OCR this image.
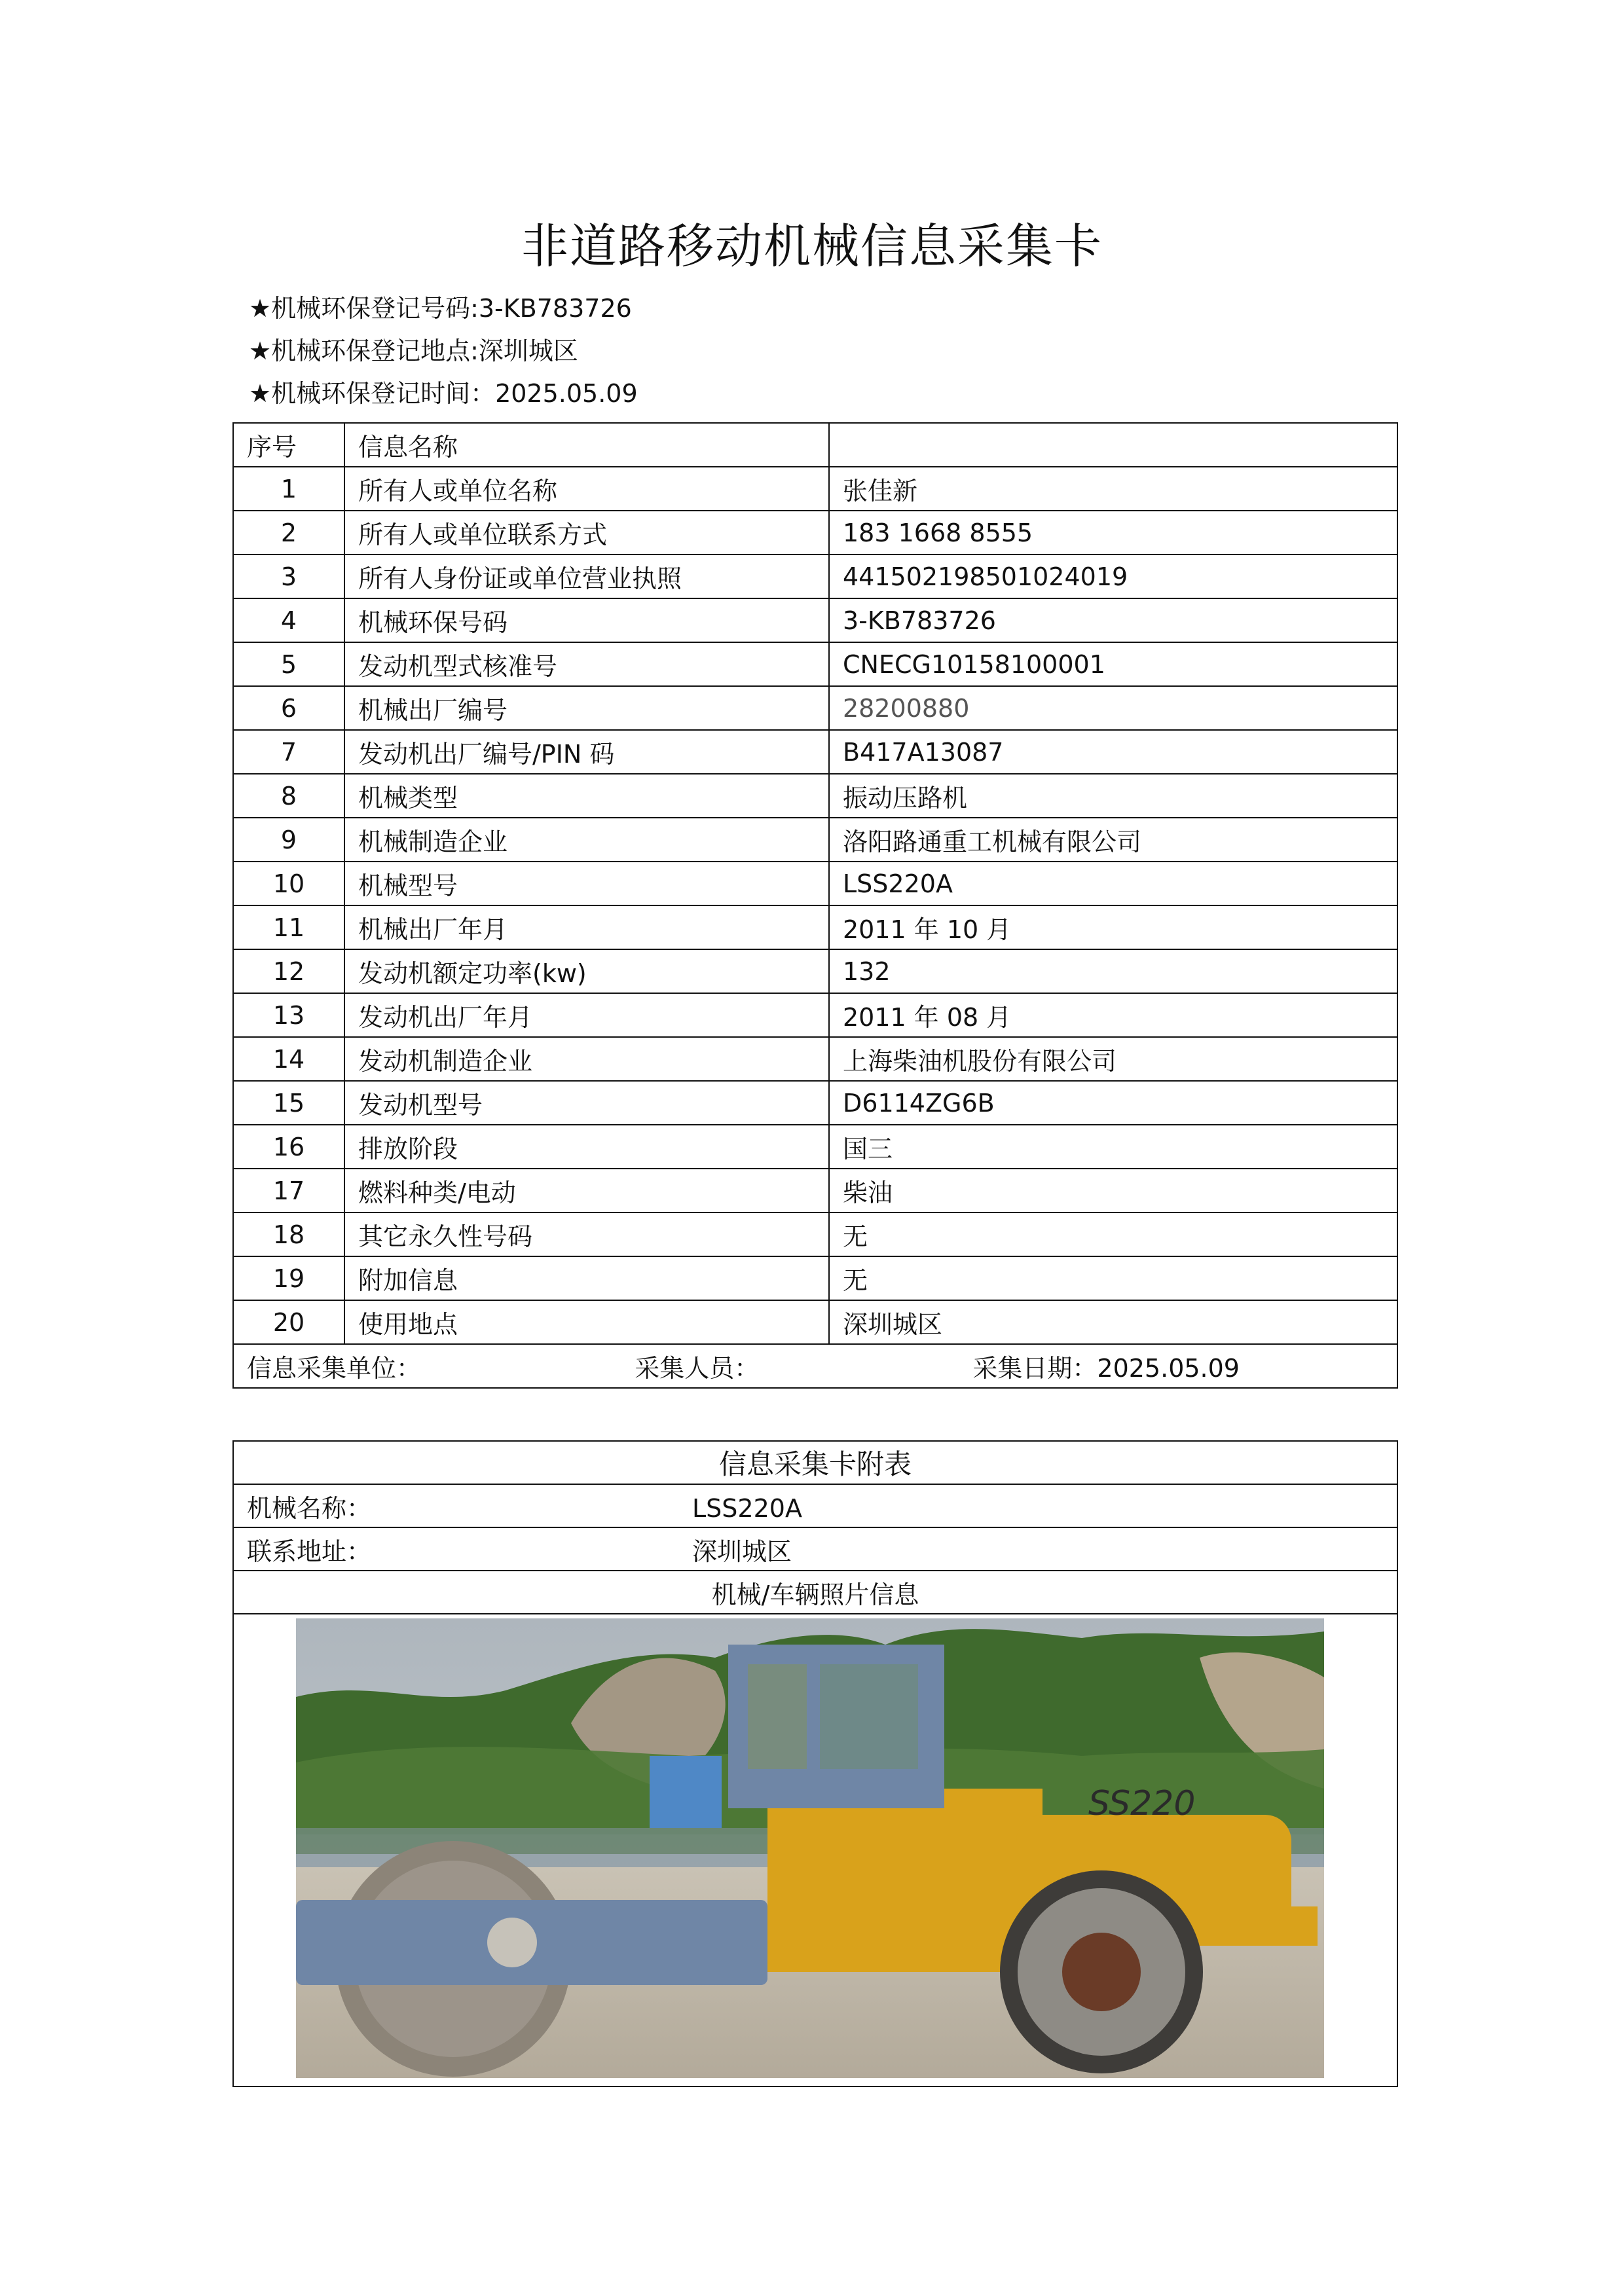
非道路移动机械信息采集卡
★机械环保登记号码:3-KB783726
★机械环保登记地点:深圳城区
★机械环保登记时间：2025.05.09
序号	信息名称	
1	所有人或单位名称	张佳新
2	所有人或单位联系方式	183 1668 8555
3	所有人身份证或单位营业执照	441502198501024019
4	机械环保号码	3-KB783726
5	发动机型式核准号	CNECG10158100001
6	机械出厂编号	28200880
7	发动机出厂编号/PIN 码	B417A13087
8	机械类型	振动压路机
9	机械制造企业	洛阳路通重工机械有限公司
10	机械型号	LSS220A
11	机械出厂年月	2011 年 10 月
12	发动机额定功率(kw)	132
13	发动机出厂年月	2011 年 08 月
14	发动机制造企业	上海柴油机股份有限公司
15	发动机型号	D6114ZG6B
16	排放阶段	国三
17	燃料种类/电动	柴油
18	其它永久性号码	无
19	附加信息	无
20	使用地点	深圳城区

信息采集单位： 采集人员： 采集日期：2025.05.09		
信息采集卡附表
机械名称：	LSS220A
联系地址：	深圳城区
机械/车辆照片信息

SS220
